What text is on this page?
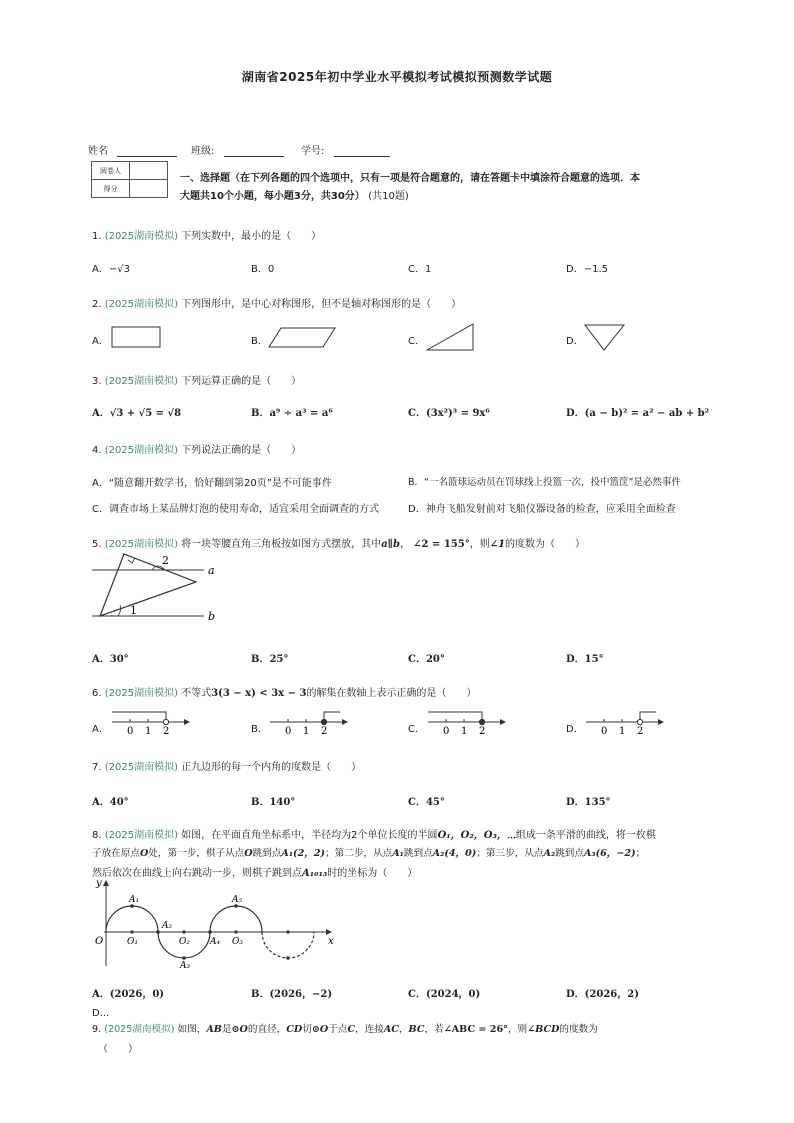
湖南省2025年初中学业水平模拟考试模拟预测数学试题
姓名	班级:	学号:
阅卷人	
得分	
一、选择题（在下列各题的四个选项中，只有一项是符合题意的，请在答题卡中填涂符合题意的选项．本大题共10个小题，每小题3分，共30分） (共10题)
1. (2025湖南模拟) 下列实数中，最小的是（　　）
A．−√3	B．0	C．1	D．−1.5
2. (2025湖南模拟) 下列图形中，是中心对称图形，但不是轴对称图形的是（　　）
A．	B．	C．	D．
3. (2025湖南模拟) 下列运算正确的是（　　）
A．√3 + √5 = √8	B．a⁹ ÷ a³ = a⁶	C．(3x²)³ = 9x⁶	D．(a − b)² = a² − ab + b²
4. (2025湖南模拟) 下列说法正确的是（　　）
A．“随意翻开数学书，恰好翻到第20页”是不可能事件	B．“一名篮球运动员在罚球线上投篮一次，投中篮筐”是必然事件
C．调查市场上某品牌灯泡的使用寿命，适宜采用全面调查的方式	D．神舟飞船发射前对飞船仪器设备的检查，应采用全面检查
5. (2025湖南模拟) 将一块等腰直角三角板按如图方式摆放，其中a∥b， ∠2 = 155°，则∠1的度数为（　　）
2
1
a
b
A．30°	B．25°	C．20°	D．15°
6. (2025湖南模拟) 不等式3(3 − x) < 3x − 3的解集在数轴上表示正确的是（　　）
A． 0 1 2	B． 0 1 2	C． 0 1 2	D． 0 1 2
7. (2025湖南模拟) 正九边形的每一个内角的度数是（　　）
A．40°	B．140°	C．45°	D．135°
8. (2025湖南模拟) 如图，在平面直角坐标系中，半径均为2个单位长度的半圆O₁，O₂，O₃，⋯组成一条平滑的曲线，将一枚棋
子放在原点O处，第一步，棋子从点O跳到点A₁(2，2)；第二步，从点A₁跳到点A₂(4，0)；第三步，从点A₂跳到点A₃(6，−2)；
然后依次在曲线上向右跳动一步，则棋子跳到点A₁₀₁₃时的坐标为（　　）
y
x
O
A₁
A₂
A₃
A₄
A₅
O₁	O₂	O₃
A．(2026，0)	B．(2026，−2)	C．(2024，0)	D．(2026，2)
D...
9. (2025湖南模拟) 如图，AB是⊙O的直径，CD切⊙O于点C，连接AC，BC，若∠ABC = 26°，则∠BCD的度数为
（　　）
